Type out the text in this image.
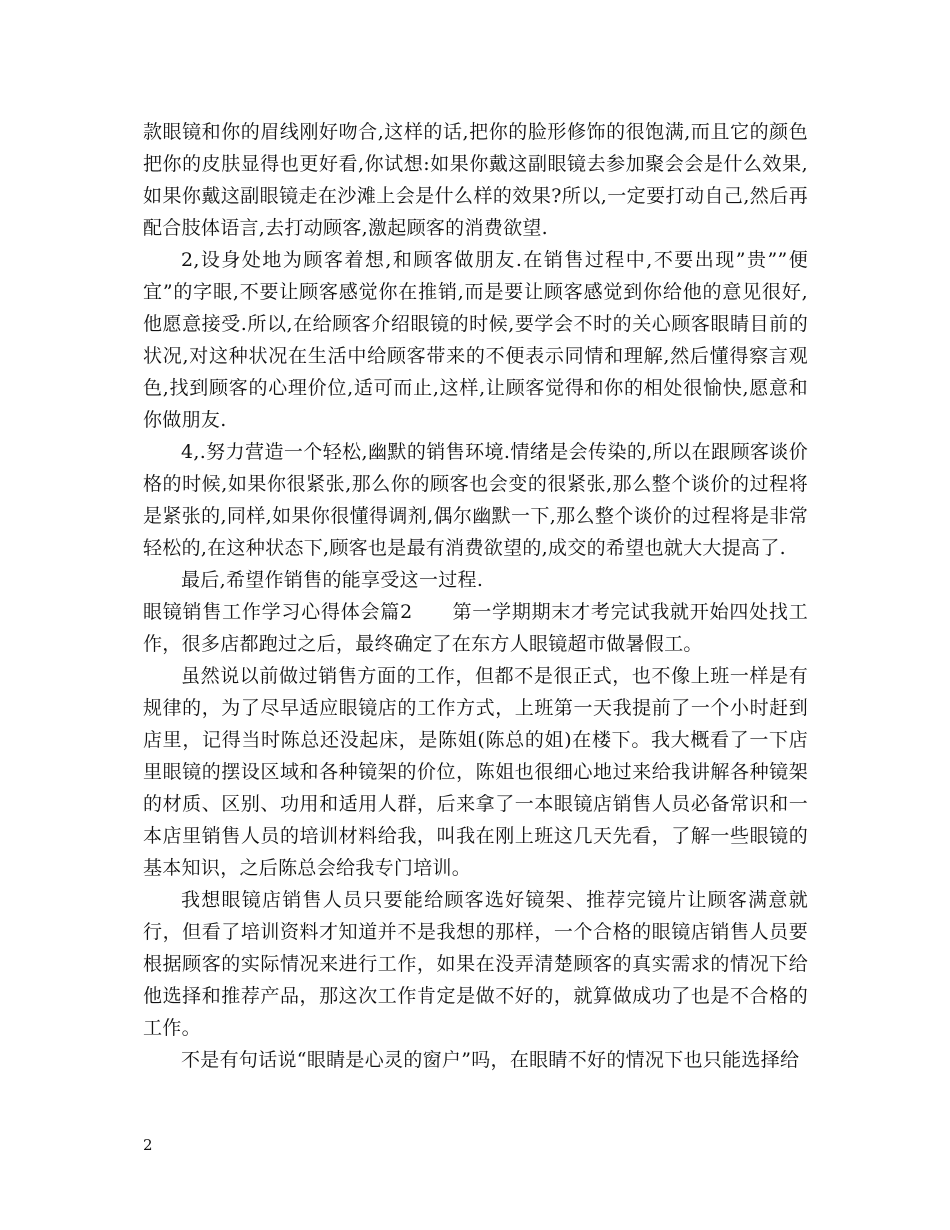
款眼镜和你的眉线刚好吻合,这样的话,把你的脸形修饰的很饱满,而且它的颜色把你的皮肤显得也更好看,你试想:如果你戴这副眼镜去参加聚会会是什么效果,如果你戴这副眼镜走在沙滩上会是什么样的效果?所以,一定要打动自己,然后再配合肢体语言,去打动顾客,激起顾客的消费欲望.

2,设身处地为顾客着想,和顾客做朋友.在销售过程中,不要出现”贵””便宜”的字眼,不要让顾客感觉你在推销,而是要让顾客感觉到你给他的意见很好,他愿意接受.所以,在给顾客介绍眼镜的时候,要学会不时的关心顾客眼睛目前的状况,对这种状况在生活中给顾客带来的不便表示同情和理解,然后懂得察言观色,找到顾客的心理价位,适可而止,这样,让顾客觉得和你的相处很愉快,愿意和你做朋友.

4,.努力营造一个轻松,幽默的销售环境.情绪是会传染的,所以在跟顾客谈价格的时候,如果你很紧张,那么你的顾客也会变的很紧张,那么整个谈价的过程将是紧张的,同样,如果你很懂得调剂,偶尔幽默一下,那么整个谈价的过程将是非常轻松的,在这种状态下,顾客也是最有消费欲望的,成交的希望也就大大提高了.

最后,希望作销售的能享受这一过程.

眼镜销售工作学习心得体会篇2　　第一学期期末才考完试我就开始四处找工作，很多店都跑过之后，最终确定了在东方人眼镜超市做暑假工。

虽然说以前做过销售方面的工作，但都不是很正式，也不像上班一样是有规律的，为了尽早适应眼镜店的工作方式，上班第一天我提前了一个小时赶到店里，记得当时陈总还没起床，是陈姐(陈总的姐)在楼下。我大概看了一下店里眼镜的摆设区域和各种镜架的价位，陈姐也很细心地过来给我讲解各种镜架的材质、区别、功用和适用人群，后来拿了一本眼镜店销售人员必备常识和一本店里销售人员的培训材料给我，叫我在刚上班这几天先看，了解一些眼镜的基本知识，之后陈总会给我专门培训。

我想眼镜店销售人员只要能给顾客选好镜架、推荐完镜片让顾客满意就行，但看了培训资料才知道并不是我想的那样，一个合格的眼镜店销售人员要根据顾客的实际情况来进行工作，如果在没弄清楚顾客的真实需求的情况下给他选择和推荐产品，那这次工作肯定是做不好的，就算做成功了也是不合格的工作。

不是有句话说“眼睛是心灵的窗户”吗，在眼睛不好的情况下也只能选择给

2
